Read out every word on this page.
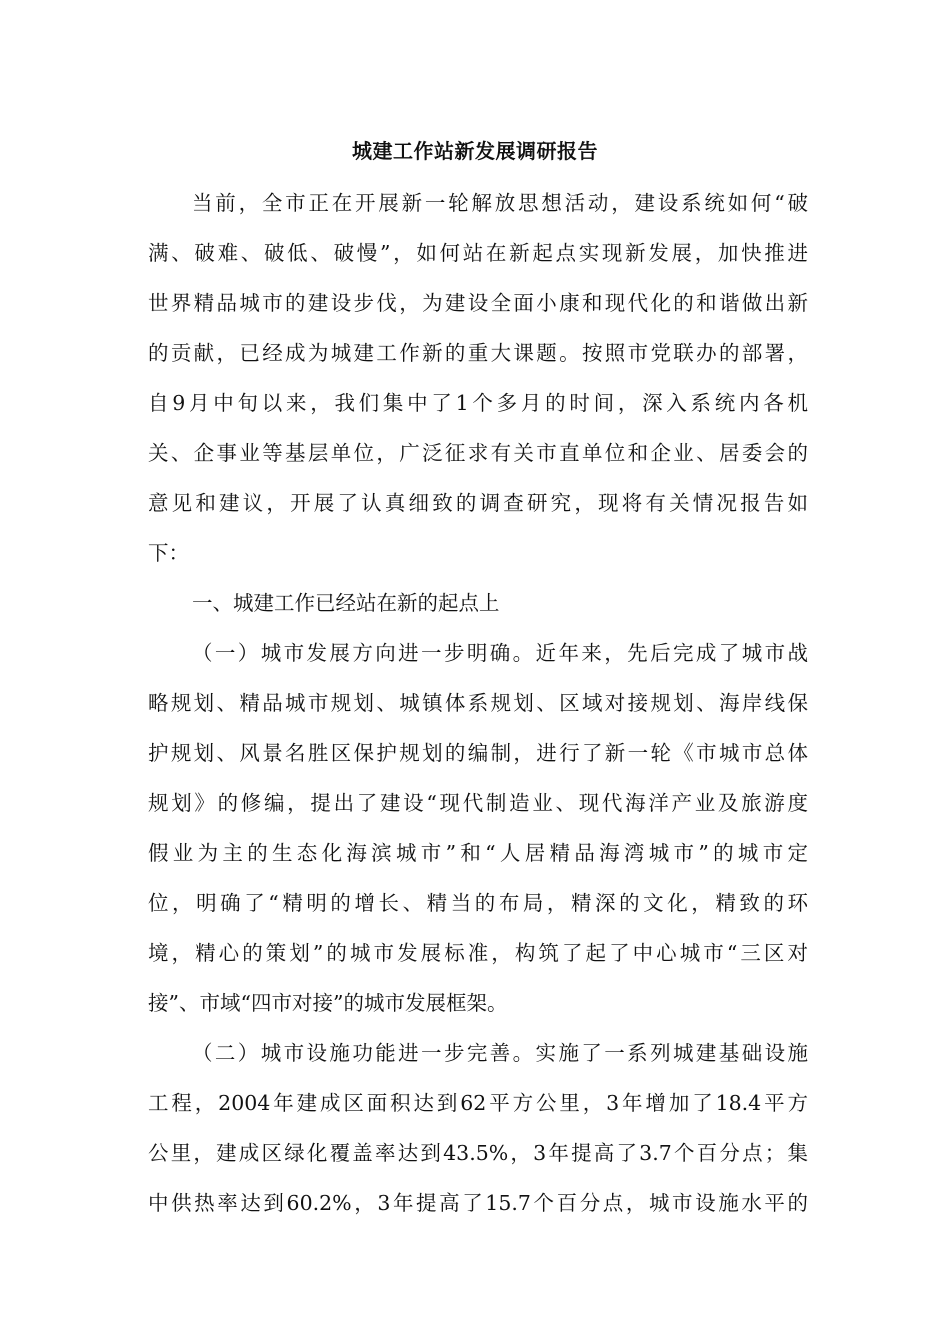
城建工作站新发展调研报告
当前，全市正在开展新一轮解放思想活动，建设系统如何“破
满、破难、破低、破慢”，如何站在新起点实现新发展，加快推进
世界精品城市的建设步伐，为建设全面小康和现代化的和谐做出新
的贡献，已经成为城建工作新的重大课题。按照市党联办的部署，
自9月中旬以来，我们集中了1个多月的时间，深入系统内各机
关、企事业等基层单位，广泛征求有关市直单位和企业、居委会的
意见和建议，开展了认真细致的调查研究，现将有关情况报告如
下：
一、城建工作已经站在新的起点上
（一）城市发展方向进一步明确。近年来，先后完成了城市战
略规划、精品城市规划、城镇体系规划、区域对接规划、海岸线保
护规划、风景名胜区保护规划的编制，进行了新一轮《市城市总体
规划》的修编，提出了建设“现代制造业、现代海洋产业及旅游度
假业为主的生态化海滨城市”和“人居精品海湾城市”的城市定
位，明确了“精明的增长、精当的布局，精深的文化，精致的环
境，精心的策划”的城市发展标准，构筑了起了中心城市“三区对
接”、市域“四市对接”的城市发展框架。
（二）城市设施功能进一步完善。实施了一系列城建基础设施
工程，2004年建成区面积达到62平方公里，3年增加了18.4平方
公里，建成区绿化覆盖率达到43.5%，3年提高了3.7个百分点；集
中供热率达到60.2%，3年提高了15.7个百分点，城市设施水平的
